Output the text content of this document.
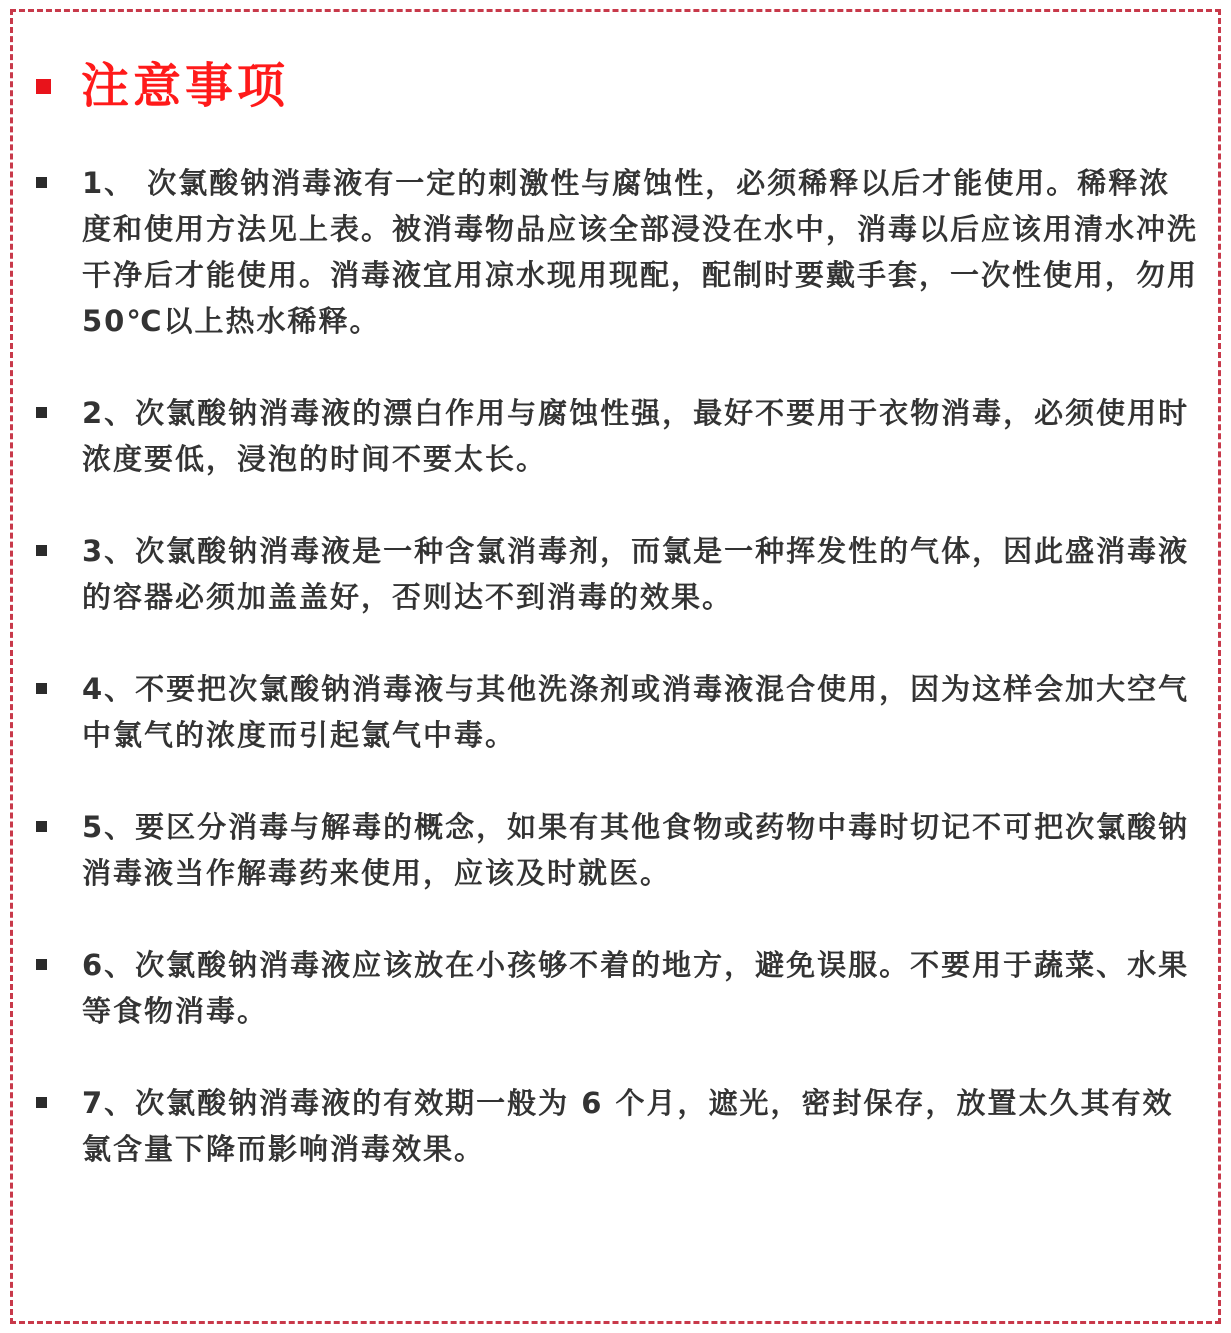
注意事项
1、 次氯酸钠消毒液有一定的刺激性与腐蚀性，必须稀释以后才能使用。稀释浓度和使用方法见上表。被消毒物品应该全部浸没在水中，消毒以后应该用清水冲洗干净后才能使用。消毒液宜用凉水现用现配，配制时要戴手套，一次性使用，勿用50℃以上热水稀释。
2、次氯酸钠消毒液的漂白作用与腐蚀性强，最好不要用于衣物消毒，必须使用时浓度要低，浸泡的时间不要太长。
3、次氯酸钠消毒液是一种含氯消毒剂，而氯是一种挥发性的气体，因此盛消毒液的容器必须加盖盖好，否则达不到消毒的效果。
4、不要把次氯酸钠消毒液与其他洗涤剂或消毒液混合使用，因为这样会加大空气中氯气的浓度而引起氯气中毒。
5、要区分消毒与解毒的概念，如果有其他食物或药物中毒时切记不可把次氯酸钠消毒液当作解毒药来使用，应该及时就医。
6、次氯酸钠消毒液应该放在小孩够不着的地方，避免误服。不要用于蔬菜、水果等食物消毒。
7、次氯酸钠消毒液的有效期一般为 6 个月，遮光，密封保存，放置太久其有效氯含量下降而影响消毒效果。
